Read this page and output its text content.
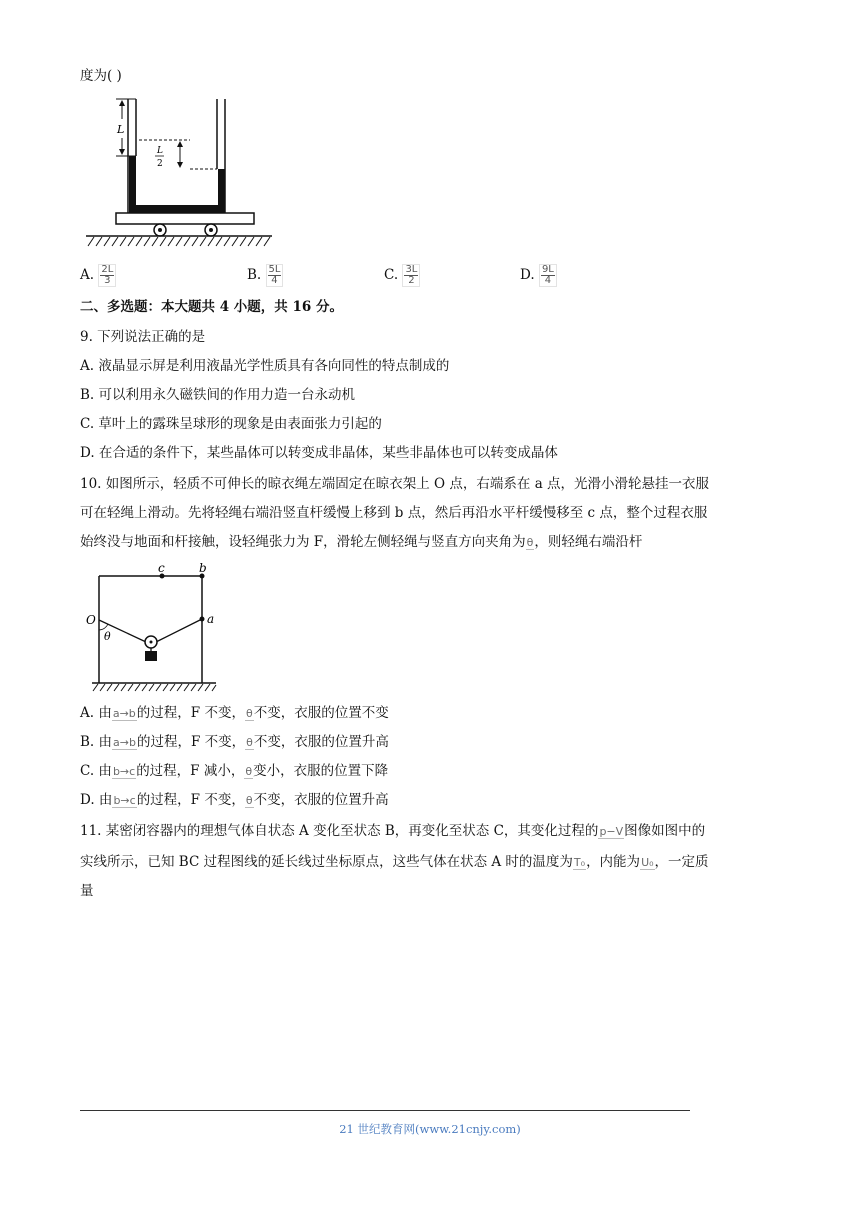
度为( )
L
L
2
A. $\frac{2L}{3}$	B. $\frac{5L}{4}$	C. $\frac{3L}{2}$	D. $\frac{9L}{4}$
二、多选题：本大题共 4 小题，共 16 分。
9. 下列说法正确的是
A. 液晶显示屏是利用液晶光学性质具有各向同性的特点制成的
B. 可以利用永久磁铁间的作用力造一台永动机
C. 草叶上的露珠呈球形的现象是由表面张力引起的
D. 在合适的条件下，某些晶体可以转变成非晶体，某些非晶体也可以转变成晶体
10. 如图所示，轻质不可伸长的晾衣绳左端固定在晾衣架上 O 点，右端系在 a 点，光滑小滑轮悬挂一衣服
可在轻绳上滑动。先将轻绳右端沿竖直杆缓慢上移到 b 点，然后再沿水平杆缓慢移至 c 点，整个过程衣服
始终没与地面和杆接触，设轻绳张力为 F，滑轮左侧轻绳与竖直方向夹角为θ，则轻绳右端沿杆
O
θ
a
b
c
A. 由a→b的过程，F 不变，θ不变，衣服的位置不变
B. 由a→b的过程，F 不变，θ不变，衣服的位置升高
C. 由b→c的过程，F 减小，θ变小，衣服的位置下降
D. 由b→c的过程，F 不变，θ不变，衣服的位置升高
11. 某密闭容器内的理想气体自状态 A 变化至状态 B，再变化至状态 C，其变化过程的p−V图像如图中的
实线所示，已知 BC 过程图线的延长线过坐标原点，这些气体在状态 A 时的温度为T₀，内能为U₀，一定质
量
21 世纪教育网(www.21cnjy.com)
